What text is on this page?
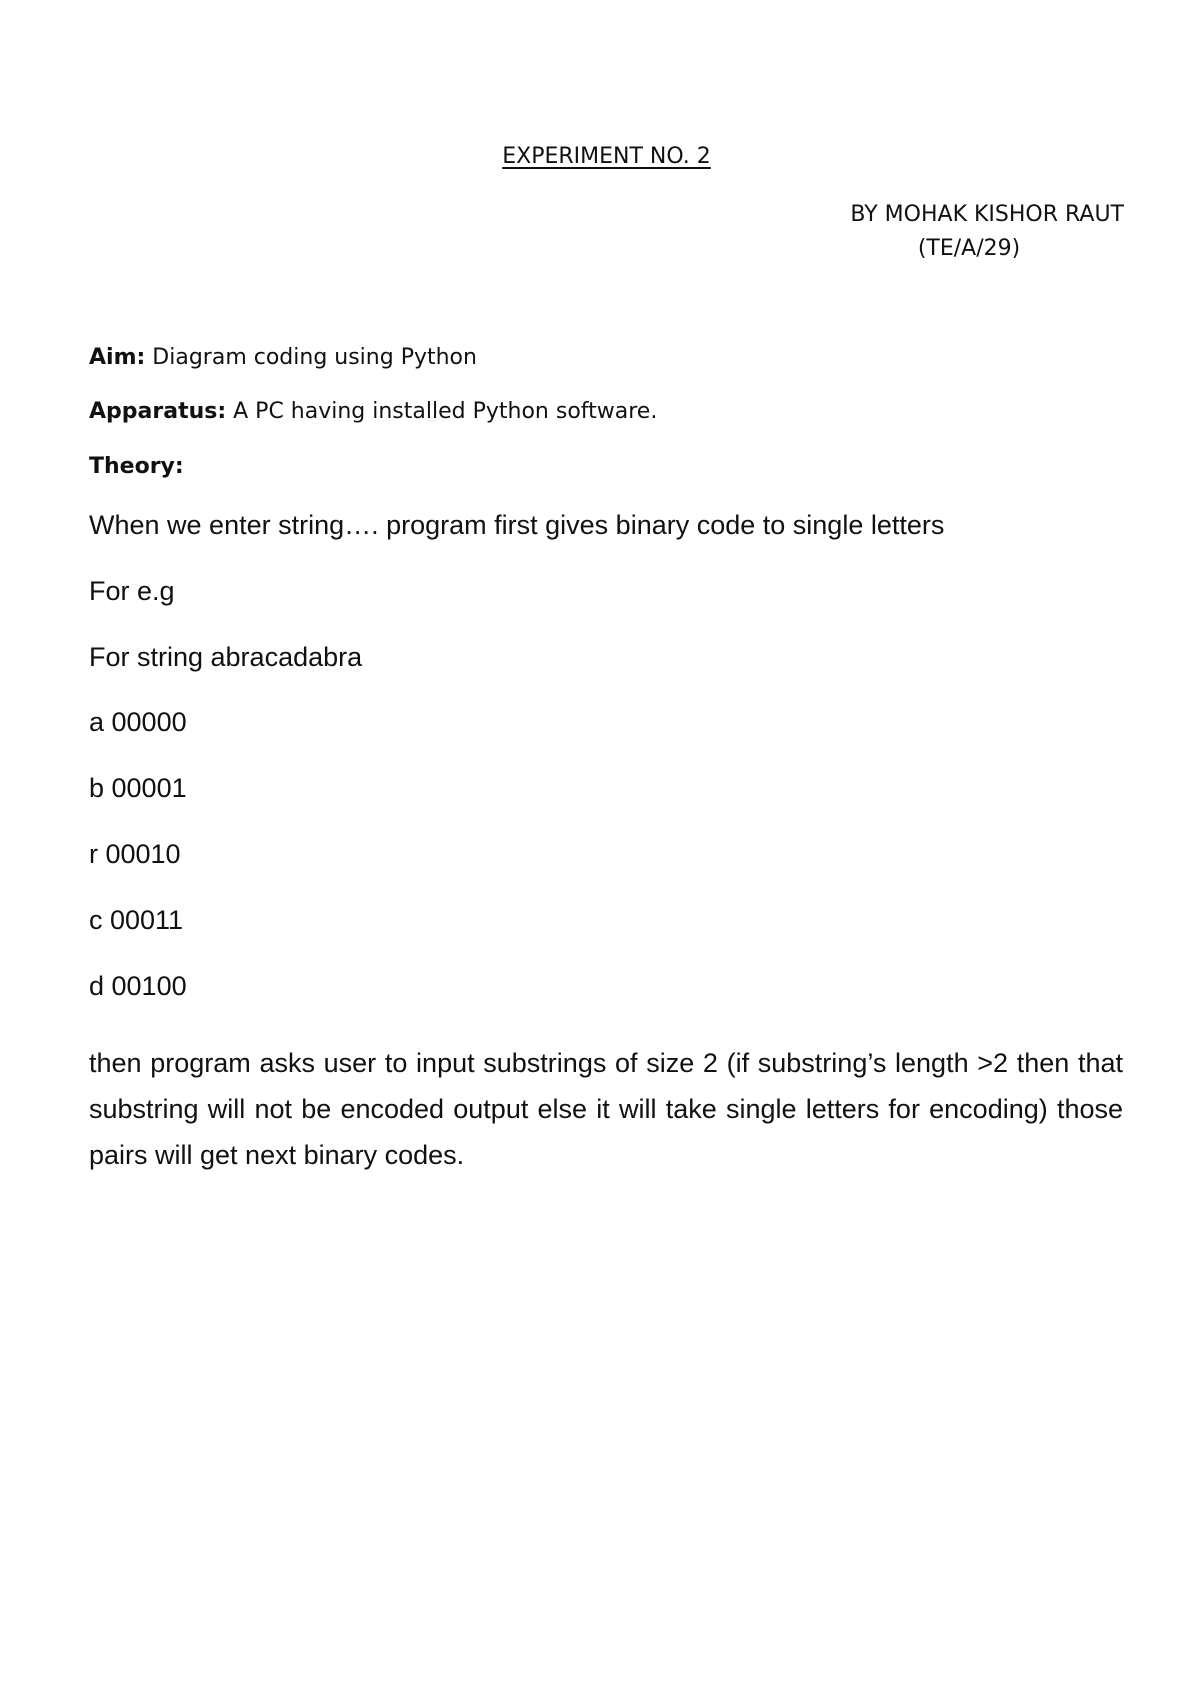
EXPERIMENT NO. 2
BY MOHAK KISHOR RAUT
(TE/A/29)
Aim: Diagram coding using Python
Apparatus: A PC having installed Python software.
Theory:
When we enter string…. program first gives binary code to single letters
For e.g
For string abracadabra
a 00000
b 00001
r 00010
c 00011
d 00100
then program asks user to input substrings of size 2 (if substring’s length >2 then that substring will not be encoded output else it will take single letters for encoding) those pairs will get next binary codes.
